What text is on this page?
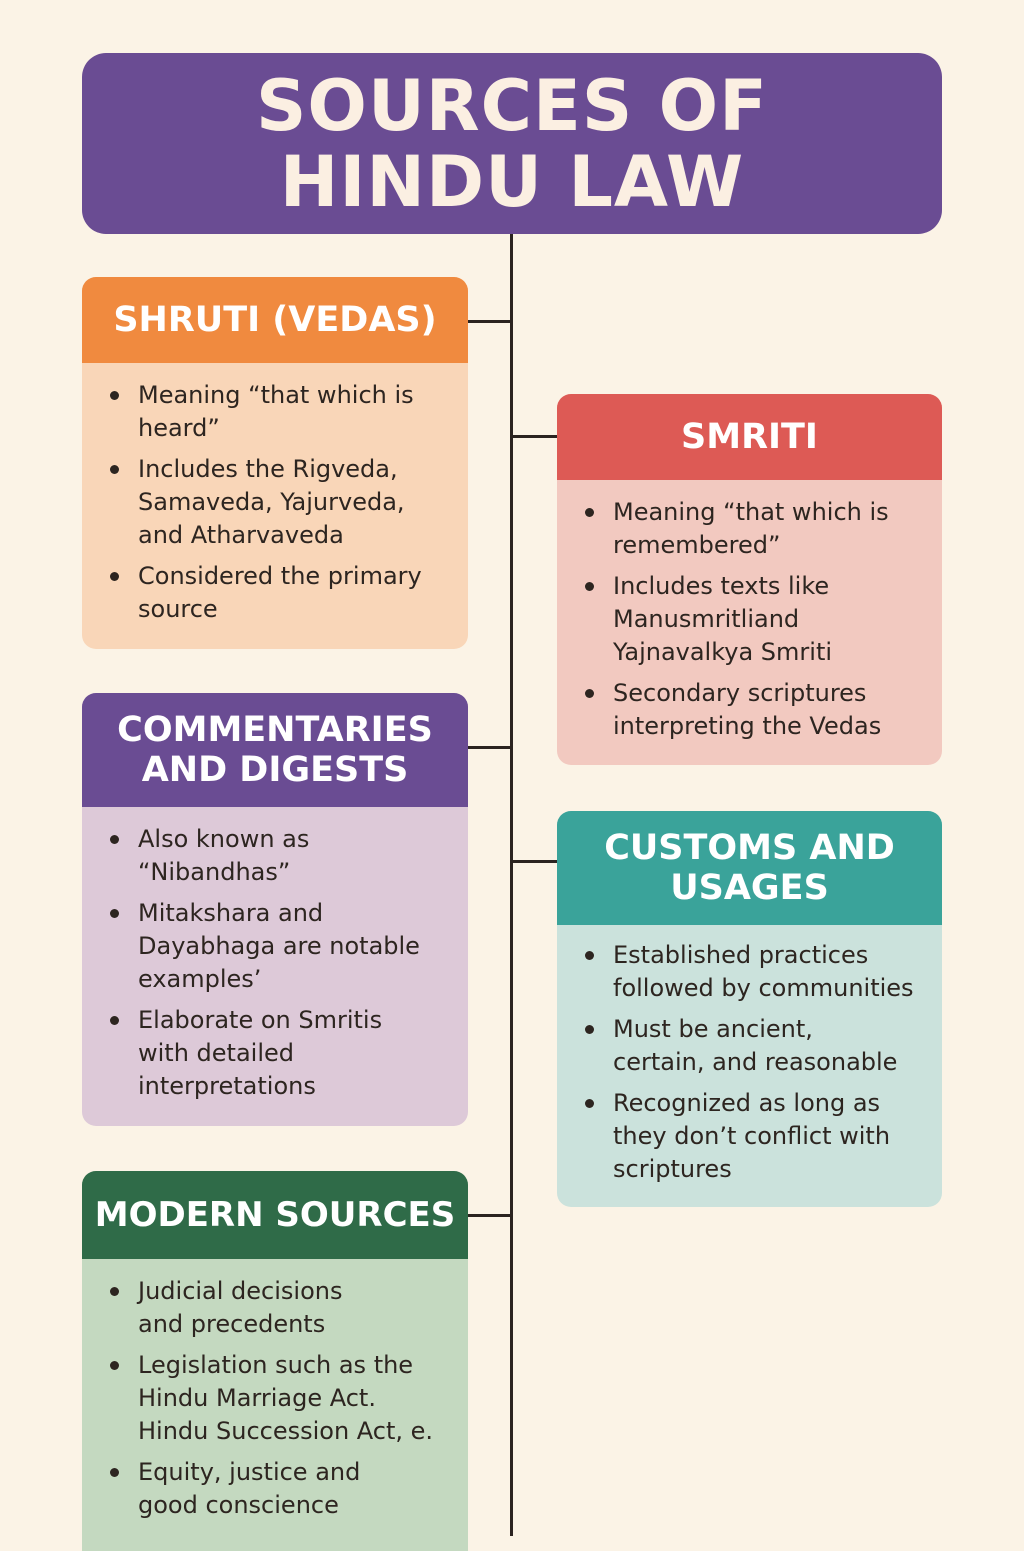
SOURCES OF
HINDU LAW
SHRUTI (VEDAS)
Meaning “that which is
heard”
Includes the Rigveda,
Samaveda, Yajurveda,
and Atharvaveda
Considered the primary
source
SMRITI
Meaning “that which is
remembered”
Includes texts like
Manusmritliand
Yajnavalkya Smriti
Secondary scriptures
interpreting the Vedas
COMMENTARIES
AND DIGESTS
Also known as
“Nibandhas”
Mitakshara and
Dayabhaga are notable
examplesʼ
Elaborate on Smritis
with detailed
interpretations
CUSTOMS AND
USAGES
Established practices
followed by communities
Must be ancient,
certain, and reasonable
Recognized as long as
they don’t conflict with
scriptures
MODERN SOURCES
Judicial decisions
and precedents
Legislation such as the
Hindu Marriage Act.
Hindu Succession Act, e.
Equity, justice and
good conscience
